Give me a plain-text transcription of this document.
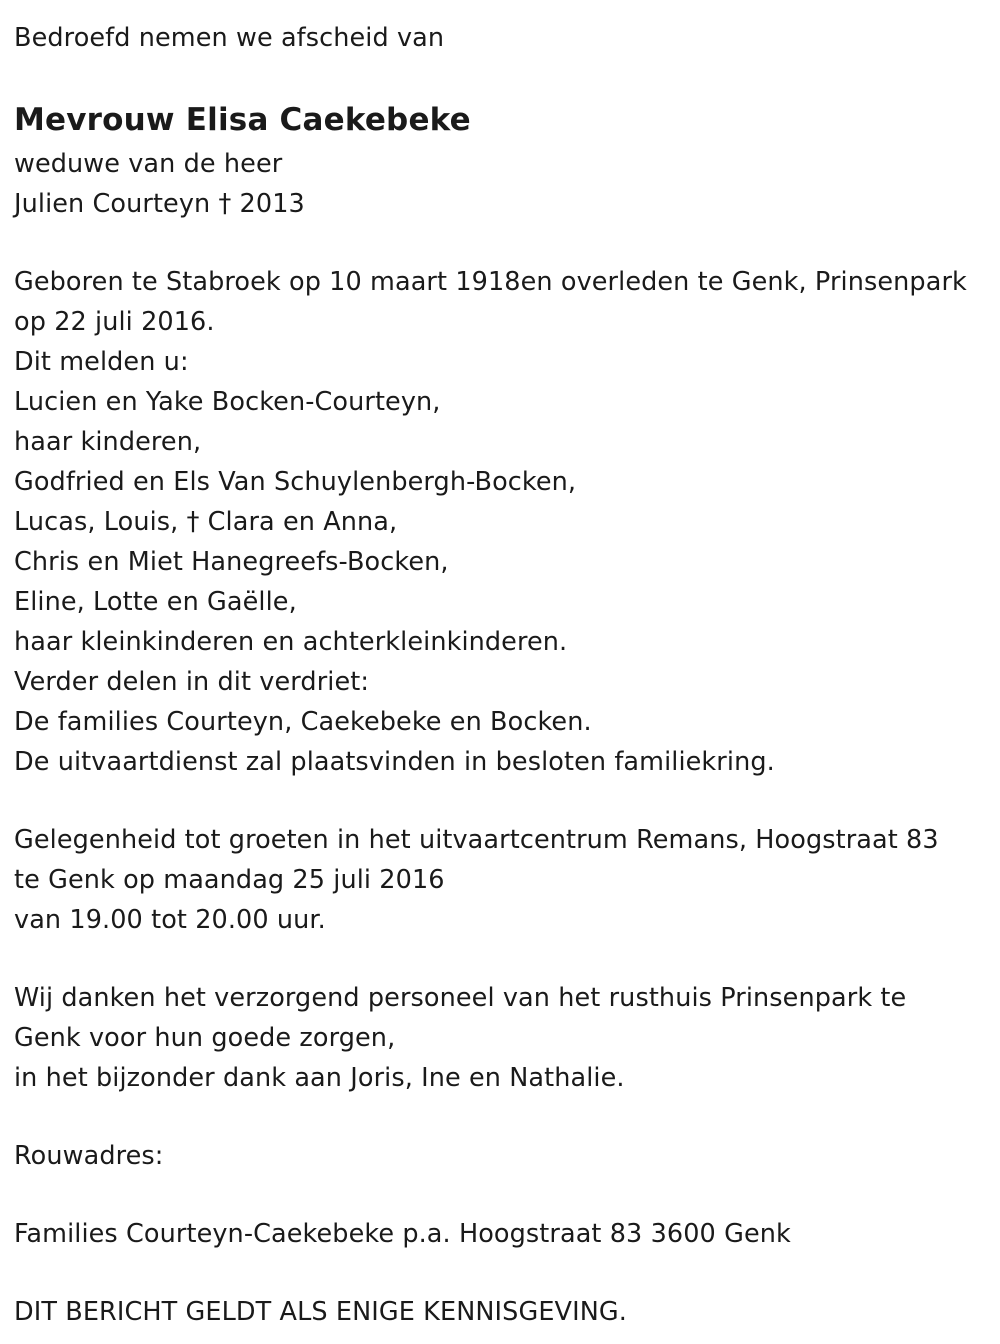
Bedroefd nemen we afscheid van
Mevrouw Elisa Caekebeke
weduwe van de heer
Julien Courteyn † 2013
Geboren te Stabroek op 10 maart 1918en overleden te Genk, Prinsenpark
op 22 juli 2016.
Dit melden u:
Lucien en Yake Bocken-Courteyn,
haar kinderen,
Godfried en Els Van Schuylenbergh-Bocken,
Lucas, Louis, † Clara en Anna,
Chris en Miet Hanegreefs-Bocken,
Eline, Lotte en Gaëlle,
haar kleinkinderen en achterkleinkinderen.
Verder delen in dit verdriet:
De families Courteyn, Caekebeke en Bocken.
De uitvaartdienst zal plaatsvinden in besloten familiekring.
Gelegenheid tot groeten in het uitvaartcentrum Remans, Hoogstraat 83
te Genk op maandag 25 juli 2016
van 19.00 tot 20.00 uur.
Wij danken het verzorgend personeel van het rusthuis Prinsenpark te
Genk voor hun goede zorgen,
in het bijzonder dank aan Joris, Ine en Nathalie.
Rouwadres:
Families Courteyn-Caekebeke p.a. Hoogstraat 83 3600 Genk
DIT BERICHT GELDT ALS ENIGE KENNISGEVING.
